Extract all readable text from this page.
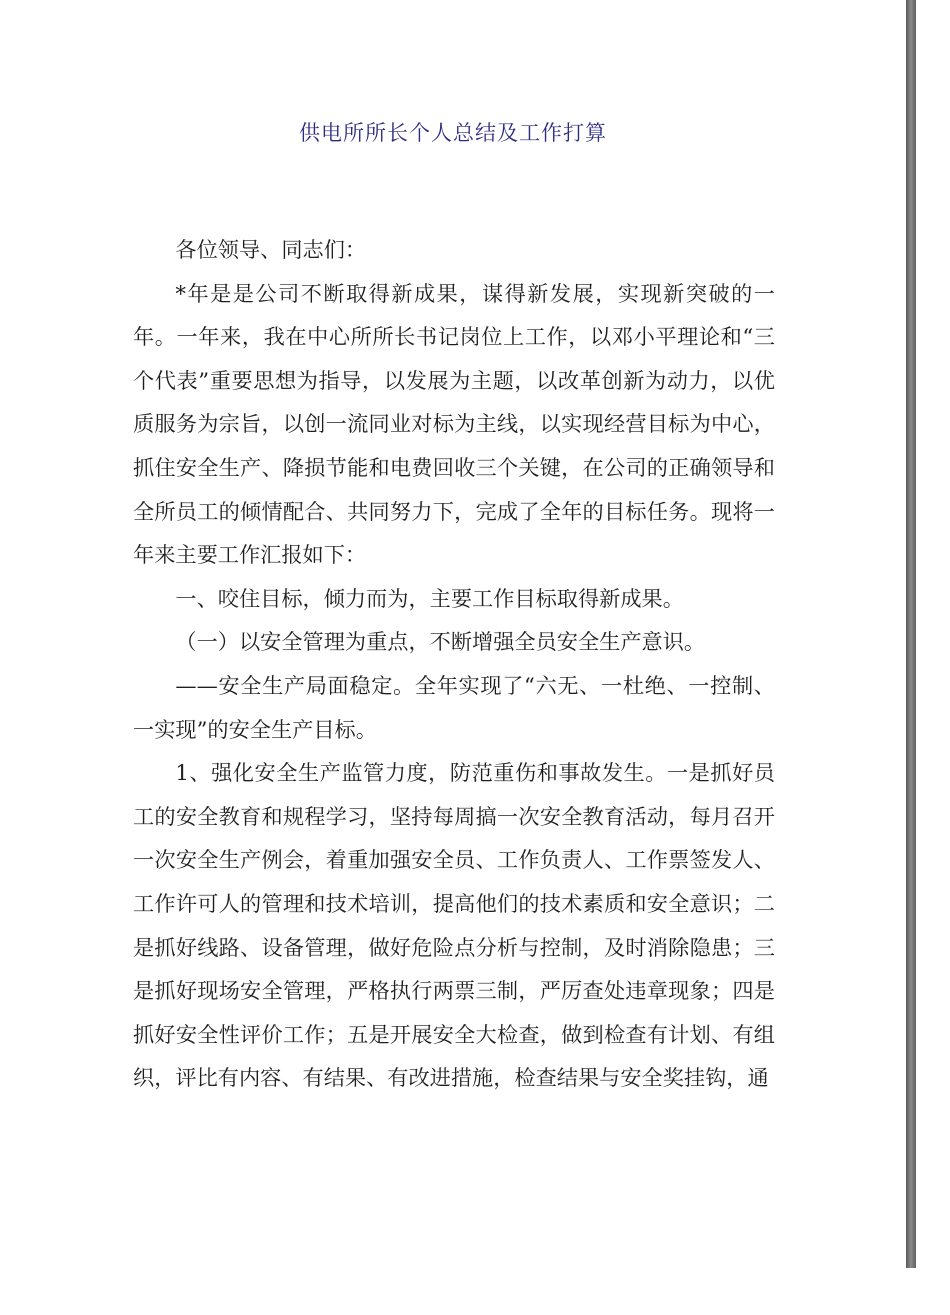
供电所所长个人总结及工作打算

各位领导、同志们：

*年是是公司不断取得新成果，谋得新发展，实现新突破的一年。一年来，我在中心所所长书记岗位上工作，以邓小平理论和“三个代表”重要思想为指导，以发展为主题，以改革创新为动力，以优质服务为宗旨，以创一流同业对标为主线，以实现经营目标为中心，抓住安全生产、降损节能和电费回收三个关键，在公司的正确领导和全所员工的倾情配合、共同努力下，完成了全年的目标任务。现将一年来主要工作汇报如下：

一、咬住目标，倾力而为，主要工作目标取得新成果。

（一）以安全管理为重点，不断增强全员安全生产意识。

——安全生产局面稳定。全年实现了“六无、一杜绝、一控制、一实现”的安全生产目标。

1、强化安全生产监管力度，防范重伤和事故发生。一是抓好员工的安全教育和规程学习，坚持每周搞一次安全教育活动，每月召开一次安全生产例会，着重加强安全员、工作负责人、工作票签发人、工作许可人的管理和技术培训，提高他们的技术素质和安全意识；二是抓好线路、设备管理，做好危险点分析与控制，及时消除隐患；三是抓好现场安全管理，严格执行两票三制，严厉查处违章现象；四是抓好安全性评价工作；五是开展安全大检查，做到检查有计划、有组织，评比有内容、有结果、有改进措施，检查结果与安全奖挂钩，通
